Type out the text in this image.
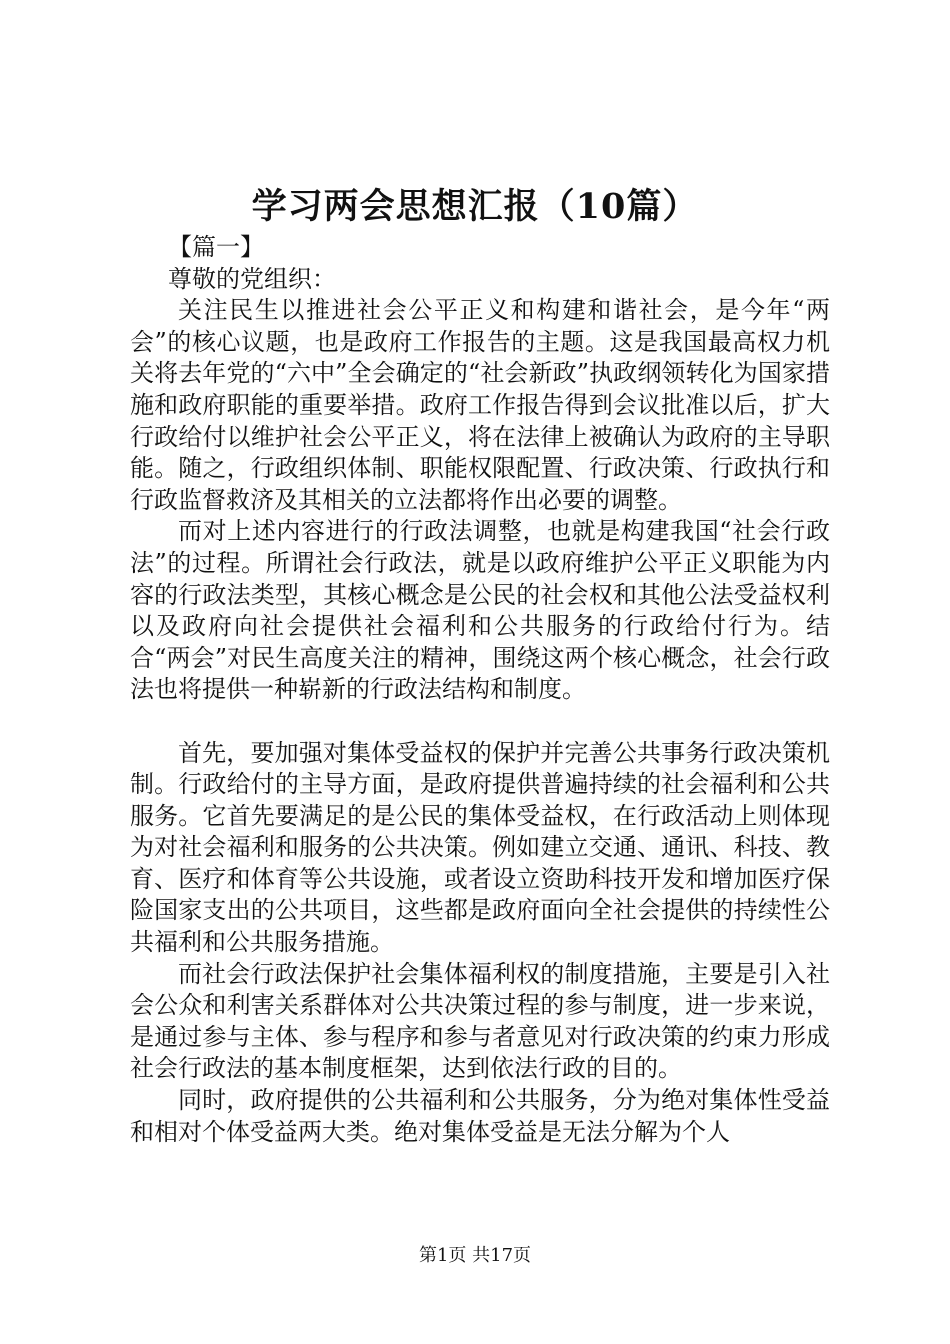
学习两会思想汇报（10篇）

【篇一】

尊敬的党组织：

关注民生以推进社会公平正义和构建和谐社会，是今年“两会”的核心议题，也是政府工作报告的主题。这是我国最高权力机关将去年党的“六中”全会确定的“社会新政”执政纲领转化为国家措施和政府职能的重要举措。政府工作报告得到会议批准以后，扩大行政给付以维护社会公平正义，将在法律上被确认为政府的主导职能。随之，行政组织体制、职能权限配置、行政决策、行政执行和行政监督救济及其相关的立法都将作出必要的调整。

而对上述内容进行的行政法调整，也就是构建我国“社会行政法”的过程。所谓社会行政法，就是以政府维护公平正义职能为内容的行政法类型，其核心概念是公民的社会权和其他公法受益权利以及政府向社会提供社会福利和公共服务的行政给付行为。结合“两会”对民生高度关注的精神，围绕这两个核心概念，社会行政法也将提供一种崭新的行政法结构和制度。

首先，要加强对集体受益权的保护并完善公共事务行政决策机制。行政给付的主导方面，是政府提供普遍持续的社会福利和公共服务。它首先要满足的是公民的集体受益权，在行政活动上则体现为对社会福利和服务的公共决策。例如建立交通、通讯、科技、教育、医疗和体育等公共设施，或者设立资助科技开发和增加医疗保险国家支出的公共项目，这些都是政府面向全社会提供的持续性公共福利和公共服务措施。

而社会行政法保护社会集体福利权的制度措施，主要是引入社会公众和利害关系群体对公共决策过程的参与制度，进一步来说，是通过参与主体、参与程序和参与者意见对行政决策的约束力形成社会行政法的基本制度框架，达到依法行政的目的。

同时，政府提供的公共福利和公共服务，分为绝对集体性受益和相对个体受益两大类。绝对集体受益是无法分解为个人

第1页 共17页
